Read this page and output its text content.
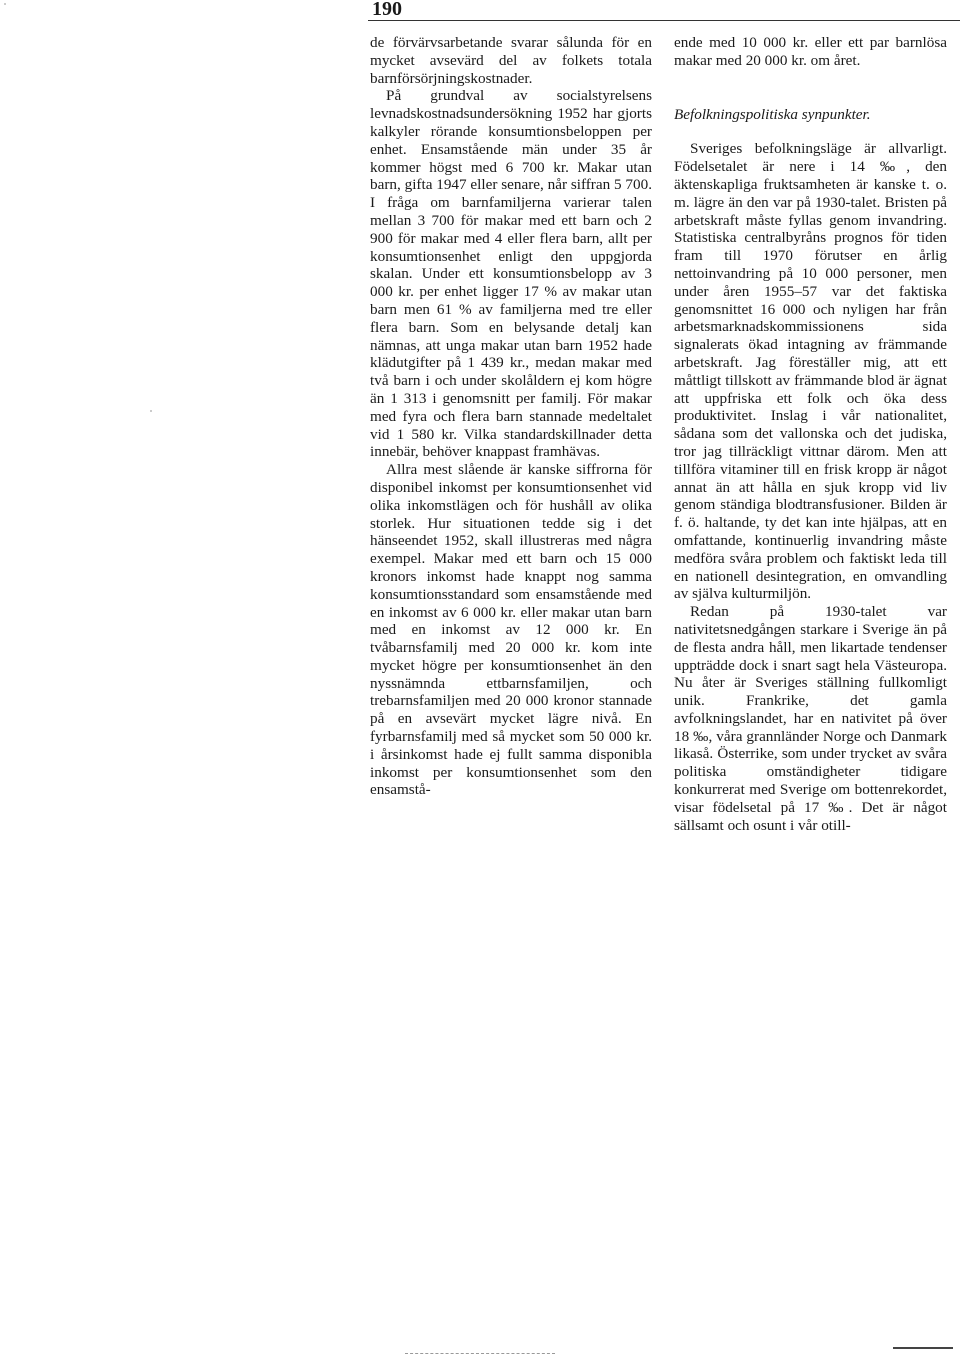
190

de förvärvsarbetande svarar sålunda för en mycket avsevärd del av folkets totala barnförsörjningskostnader.

På grundval av socialstyrelsens levnadskostnadsundersökning 1952 har gjorts kalkyler rörande konsumtionsbeloppen per enhet. Ensamstående män under 35 år kommer högst med 6 700 kr. Makar utan barn, gifta 1947 eller senare, når siffran 5 700. I fråga om barnfamiljerna varierar talen mellan 3 700 för makar med ett barn och 2 900 för makar med 4 eller flera barn, allt per konsumtionsenhet enligt den uppgjorda skalan. Under ett konsumtionsbelopp av 3 000 kr. per enhet ligger 17 % av makar utan barn men 61 % av familjerna med tre eller flera barn. Som en belysande detalj kan nämnas, att unga makar utan barn 1952 hade klädutgifter på 1 439 kr., medan makar med två barn i och under skolåldern ej kom högre än 1 313 i genomsnitt per familj. För makar med fyra och flera barn stannade medeltalet vid 1 580 kr. Vilka standardskillnader detta innebär, behöver knappast framhävas.

Allra mest slående är kanske siffrorna för disponibel inkomst per konsumtionsenhet vid olika inkomstlägen och för hushåll av olika storlek. Hur situationen tedde sig i det hänseendet 1952, skall illustreras med några exempel. Makar med ett barn och 15 000 kronors inkomst hade knappt nog samma konsumtionsstandard som ensamstående med en inkomst av 6 000 kr. eller makar utan barn med en inkomst av 12 000 kr. En tvåbarnsfamilj med 20 000 kr. kom inte mycket högre per konsumtionsenhet än den nyssnämnda ettbarnsfamiljen, och trebarnsfamiljen med 20 000 kronor stannade på en avsevärt mycket lägre nivå. En fyrbarnsfamilj med så mycket som 50 000 kr. i årsinkomst hade ej fullt samma disponibla inkomst per konsumtionsenhet som den ensamstå-

ende med 10 000 kr. eller ett par barnlösa makar med 20 000 kr. om året.

Befolkningspolitiska synpunkter.

Sveriges befolkningsläge är allvarligt. Födelsetalet är nere i 14 ‰, den äktenskapliga fruktsamheten är kanske t. o. m. lägre än den var på 1930-talet. Bristen på arbetskraft måste fyllas genom invandring. Statistiska centralbyråns prognos för tiden fram till 1970 förutser en årlig nettoinvandring på 10 000 personer, men under åren 1955–57 var det faktiska genomsnittet 16 000 och nyligen har från arbetsmarknadskommissionens sida signalerats ökad intagning av främmande arbetskraft. Jag föreställer mig, att ett måttligt tillskott av främmande blod är ägnat att uppfriska ett folk och öka dess produktivitet. Inslag i vår nationalitet, sådana som det vallonska och det judiska, tror jag tillräckligt vittnar därom. Men att tillföra vitaminer till en frisk kropp är något annat än att hålla en sjuk kropp vid liv genom ständiga blodtransfusioner. Bilden är f. ö. haltande, ty det kan inte hjälpas, att en omfattande, kontinuerlig invandring måste medföra svåra problem och faktiskt leda till en nationell desintegration, en omvandling av själva kulturmiljön.

Redan på 1930-talet var nativitetsnedgången starkare i Sverige än på de flesta andra håll, men likartade tendenser uppträdde dock i snart sagt hela Västeuropa. Nu åter är Sveriges ställning fullkomligt unik. Frankrike, det gamla avfolkningslandet, har en nativitet på över 18 ‰, våra grannländer Norge och Danmark likaså. Österrike, som under trycket av svåra politiska omständigheter tidigare konkurrerat med Sverige om bottenrekordet, visar födelsetal på 17 ‰. Det är något sällsamt och osunt i vår otill-
